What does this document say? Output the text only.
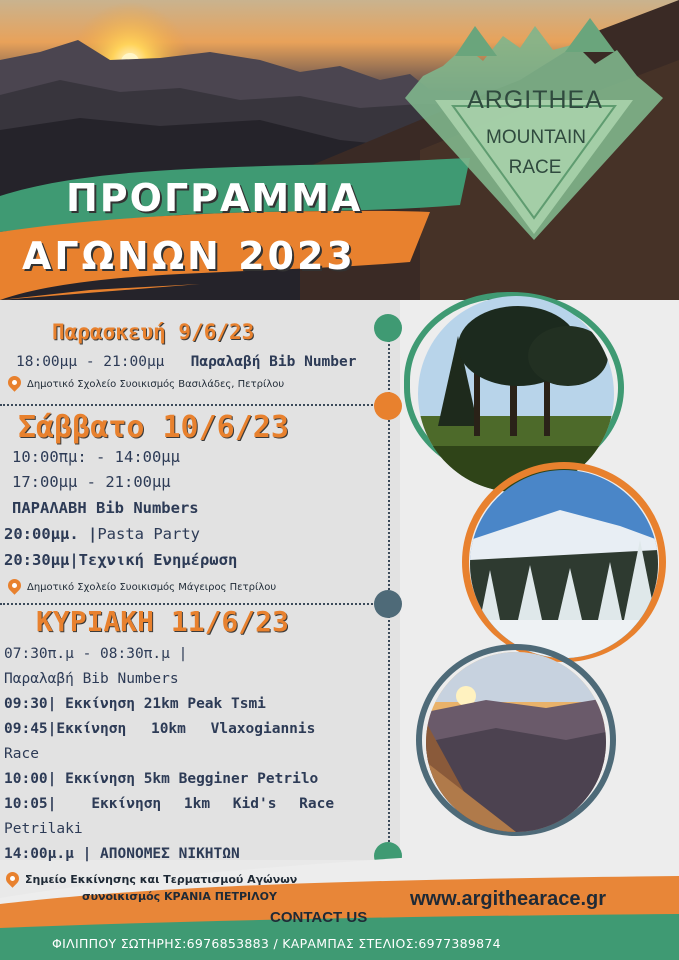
ΠΡΟΓΡΑΜΜΑ
ΑΓΩΝΩΝ 2023
ARGITHEA
MOUNTAIN
RACE
Παρασκευή 9/6/23
18:00μμ - 21:00μμ Παραλαβή Bib Number
Δημοτικό Σχολείο Συοικισμός Βασιλάδες, Πετρίλου
Σάββατο 10/6/23
10:00πμ: - 14:00μμ
17:00μμ - 21:00μμ
ΠΑΡΑΛΑΒΗ Bib Numbers
20:00μμ. |Pasta Party
20:30μμ|Τεχνική Ενημέρωση
Δημοτικό Σχολείο Συοικισμός Μάγειρος Πετρίλου
ΚΥΡΙΑΚΗ 11/6/23
07:30π.μ - 08:30π.μ |
Παραλαβή Bib Numbers
09:30| Εκκίνηση 21km Peak Tsmi
09:45|Εκκίνηση 10km Vlaxogiannis
Race
10:00| Εκκίνηση 5km Begginer Petrilo
10:05| Εκκίνηση 1km Kid's Race
Petrilaki
14:00μ.μ | ΑΠΟΝΟΜΕΣ ΝΙΚΗΤΩΝ
Σημείο Εκκίνησης και Τερματισμού Αγώνων
συνοικισμός ΚΡΑΝΙΑ ΠΕΤΡΙΛΟΥ	www.argithearace.gr
CONTACT US
ΦΙΛΙΠΠΟΥ ΣΩΤΗΡΗΣ:6976853883 / ΚΑΡΑΜΠΑΣ ΣΤΕΛΙΟΣ:6977389874
